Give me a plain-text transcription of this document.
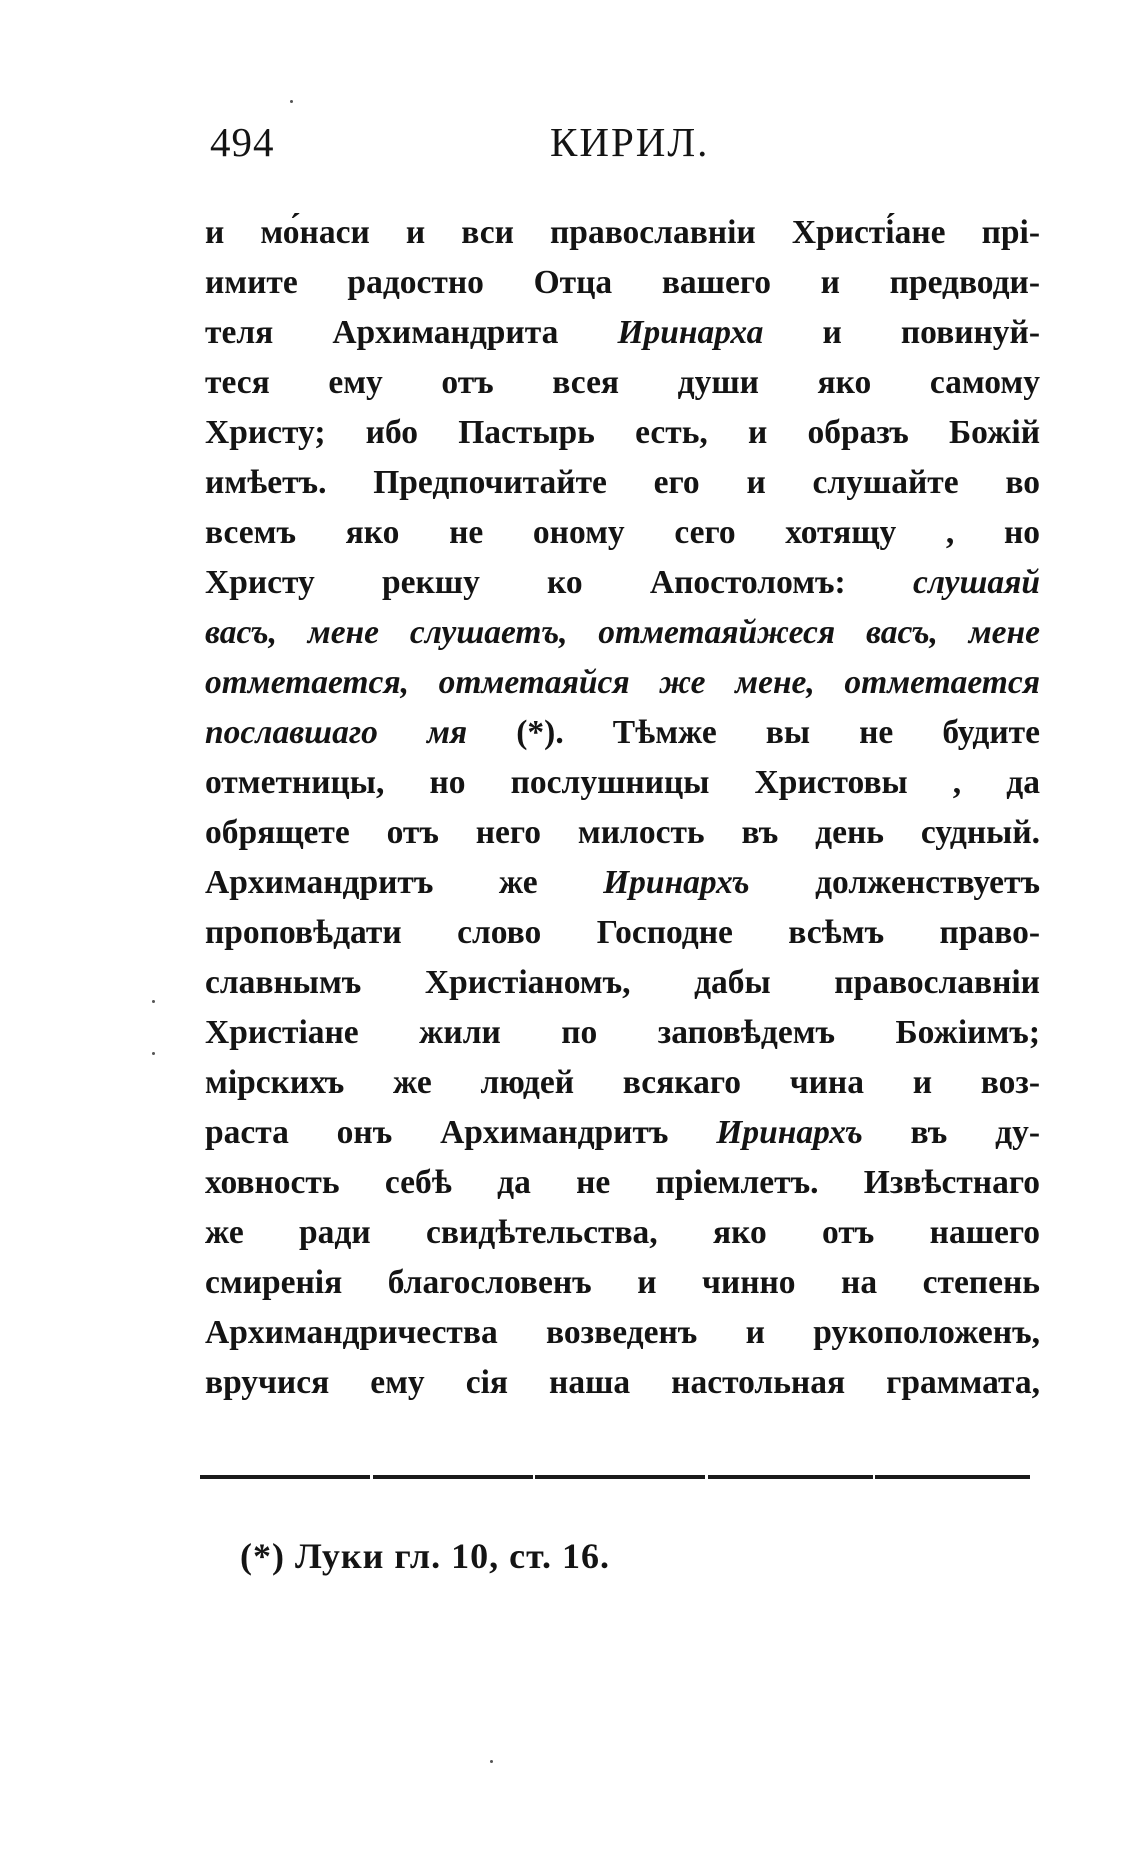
494	КИРИЛ.
и мо́наси и вси православніи Христі́ане прі-
имите радостно Отца вашего и предводи-
теля Архимандрита Иринарха и повинуй-
теся ему отъ всея души яко самому
Христу; ибо Пастырь есть, и образъ Божій
имѣетъ. Предпочитайте его и слушайте во
всемъ яко не оному сего хотящу , но
Христу рекшу ко Апостоломъ: слушаяй
васъ, мене слушаетъ, отметаяйжеся васъ, мене
отметается, отметаяйся же мене, отметается
пославшаго мя (*). Тѣмже вы не будите
отметницы, но послушницы Христовы , да
обрящете отъ него милость въ день судный.
Архимандритъ же Иринархъ долженствуетъ
проповѣдати слово Господне всѣмъ право-
славнымъ Христіаномъ, дабы православніи
Христіане жили по заповѣдемъ Божіимъ;
мірскихъ же людей всякаго чина и воз-
раста онъ Архимандритъ Иринархъ въ ду-
ховность себѣ да не пріемлетъ. Извѣстнаго
же ради свидѣтельства, яко отъ нашего
смиренія благословенъ и чинно на степень
Архимандричества возведенъ и рукоположенъ,
вручися ему сія наша настольная граммата,
(*) Луки гл. 10, ст. 16.
